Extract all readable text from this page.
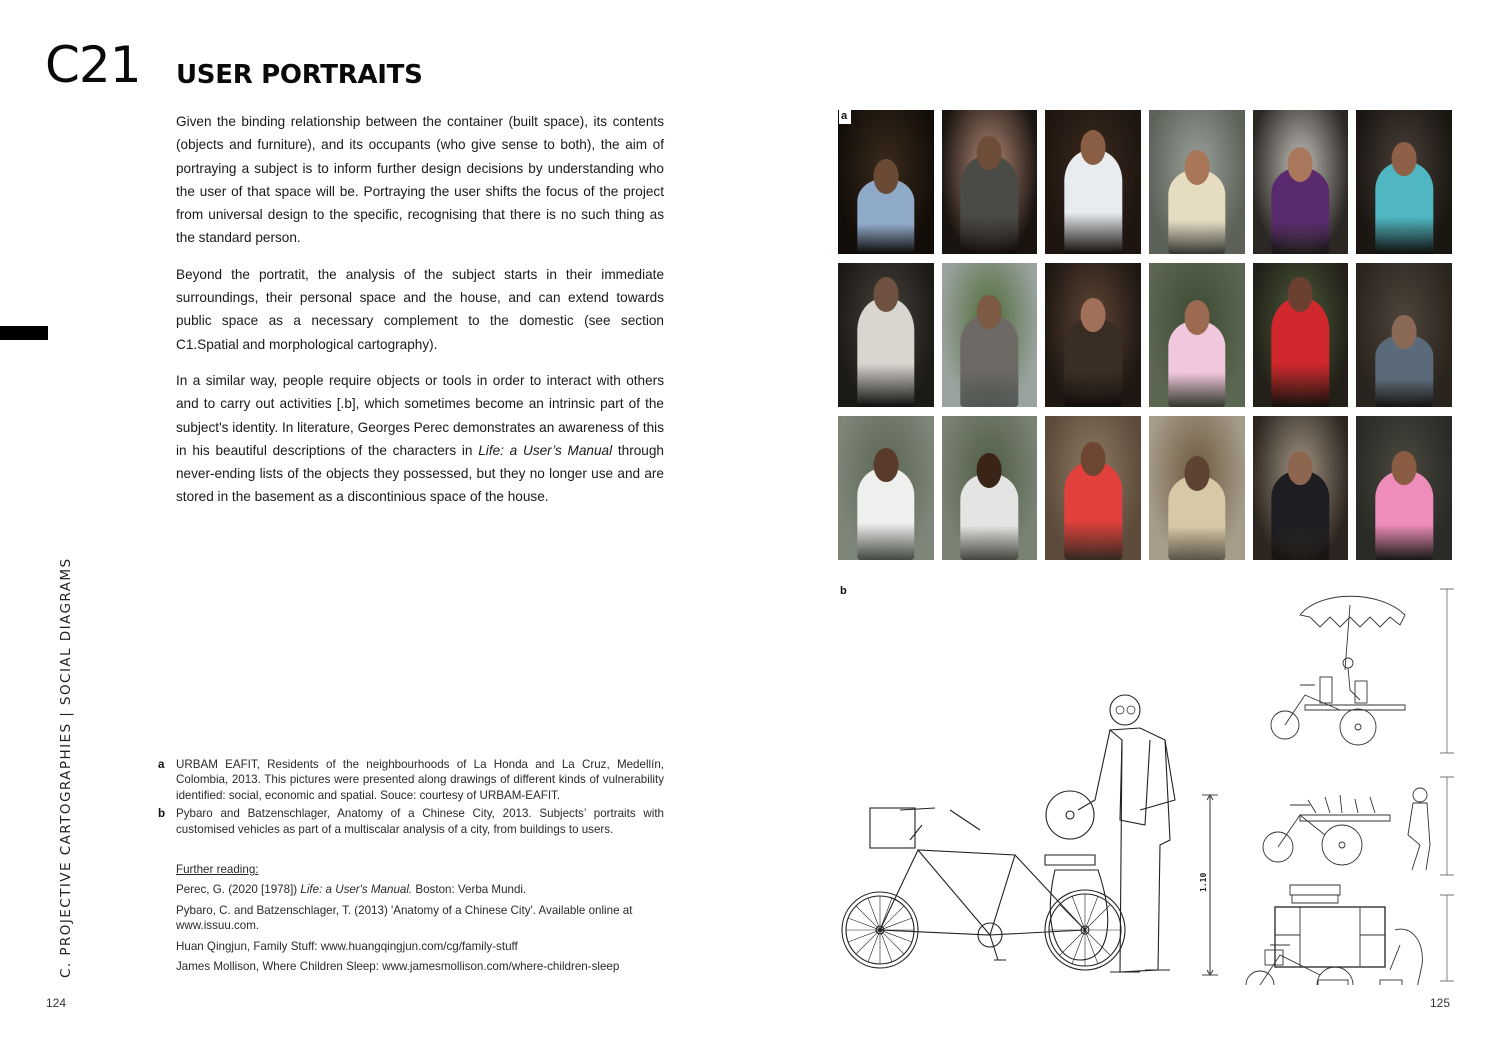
C21 USER PORTRAITS

Given the binding relationship between the container (built space), its contents (objects and furniture), and its occupants (who give sense to both), the aim of portraying a subject is to inform further design decisions by understanding who the user of that space will be. Portraying the user shifts the focus of the project from universal design to the specific, recognising that there is no such thing as the standard person.

Beyond the portratit, the analysis of the subject starts in their immediate surroundings, their personal space and the house, and can extend towards public space as a necessary complement to the domestic (see section C1.Spatial and morphological cartography).

In a similar way, people require objects or tools in order to interact with others and to carry out activities [.b], which sometimes become an intrinsic part of the subject's identity. In literature, Georges Perec demonstrates an awareness of this in his beautiful descriptions of the characters in Life: a User’s Manual through never-ending lists of the objects they possessed, but they no longer use and are stored in the basement as a discontinious space of the house.

C. PROJECTIVE CARTOGRAPHIES | SOCIAL DIAGRAMS	a URBAM EAFIT, Residents of the neighbourhoods of La Honda and La Cruz, Medellín, Colombia, 2013. This pictures were presented along drawings of different kinds of vulnerability identified: social, economic and spatial. Souce: courtesy of URBAM-EAFIT.
b Pybaro and Batzenschlager, Anatomy of a Chinese City, 2013. Subjects’ portraits with customised vehicles as part of a multiscalar analysis of a city, from buildings to users.
Further reading:
Perec, G. (2020 [1978]) Life: a User's Manual. Boston: Verba Mundi.
Pybaro, C. and Batzenschlager, T. (2013) 'Anatomy of a Chinese City'. Available online at www.issuu.com.
Huan Qingjun, Family Stuff: www.huangqingjun.com/cg/family-stuff
James Mollison, Where Children Sleep: www.jamesmollison.com/where-children-sleep
124
a
b
1.10
125
